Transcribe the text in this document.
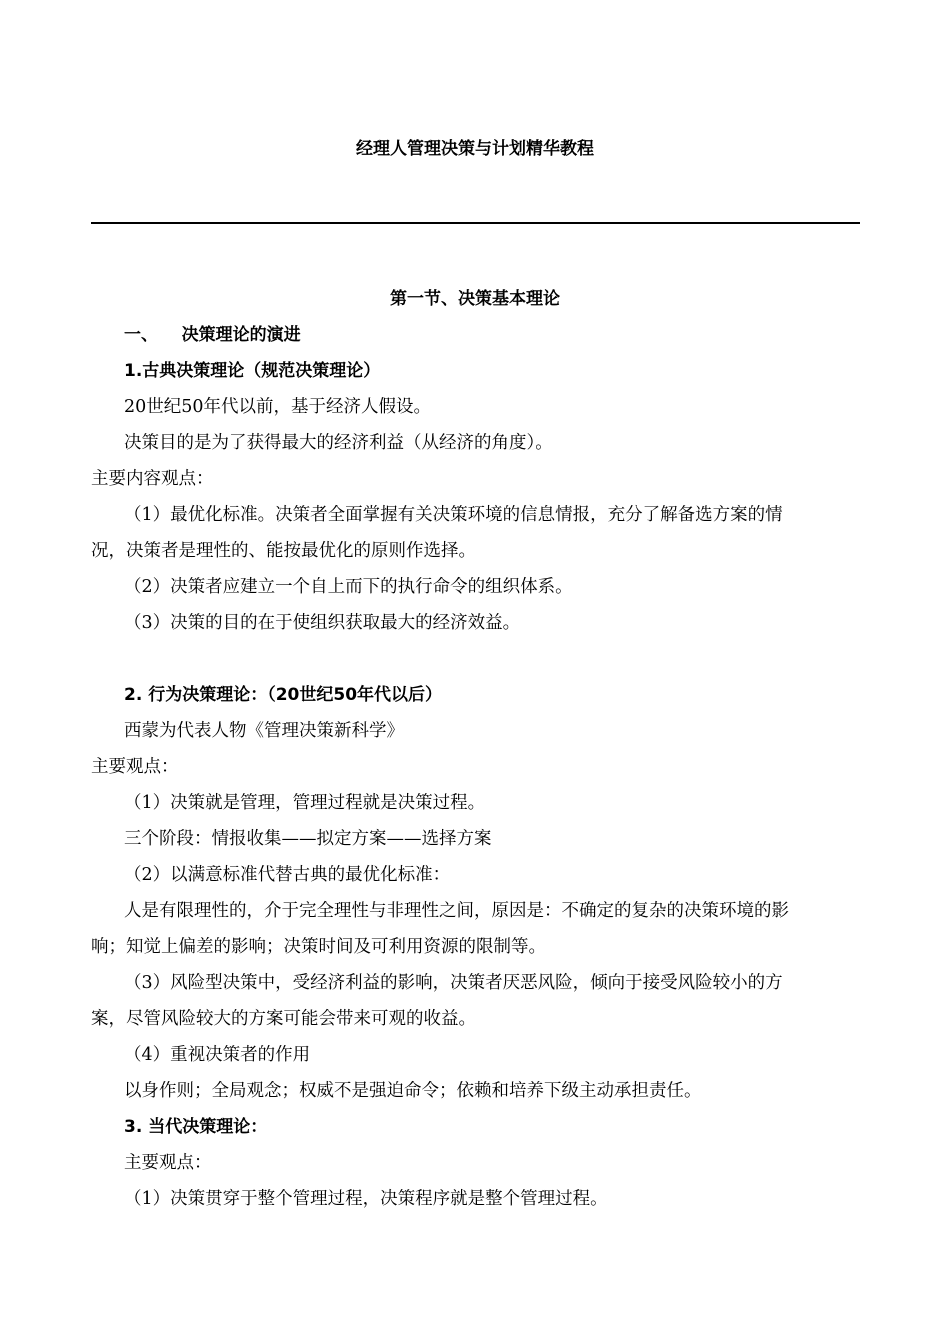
经理人管理决策与计划精华教程
第一节、决策基本理论
一、    决策理论的演进
1.古典决策理论（规范决策理论）
20世纪50年代以前，基于经济人假设。
决策目的是为了获得最大的经济利益（从经济的角度）。
主要内容观点：
（1）最优化标准。决策者全面掌握有关决策环境的信息情报，充分了解备选方案的情
况，决策者是理性的、能按最优化的原则作选择。
（2）决策者应建立一个自上而下的执行命令的组织体系。
（3）决策的目的在于使组织获取最大的经济效益。
2. 行为决策理论：（20世纪50年代以后）
西蒙为代表人物《管理决策新科学》
主要观点：
（1）决策就是管理，管理过程就是决策过程。
三个阶段：情报收集——拟定方案——选择方案
（2）以满意标准代替古典的最优化标准：
人是有限理性的，介于完全理性与非理性之间，原因是：不确定的复杂的决策环境的影
响；知觉上偏差的影响；决策时间及可利用资源的限制等。
（3）风险型决策中，受经济利益的影响，决策者厌恶风险，倾向于接受风险较小的方
案，尽管风险较大的方案可能会带来可观的收益。
（4）重视决策者的作用
以身作则；全局观念；权威不是强迫命令；依赖和培养下级主动承担责任。
3. 当代决策理论：
主要观点：
（1）决策贯穿于整个管理过程，决策程序就是整个管理过程。
